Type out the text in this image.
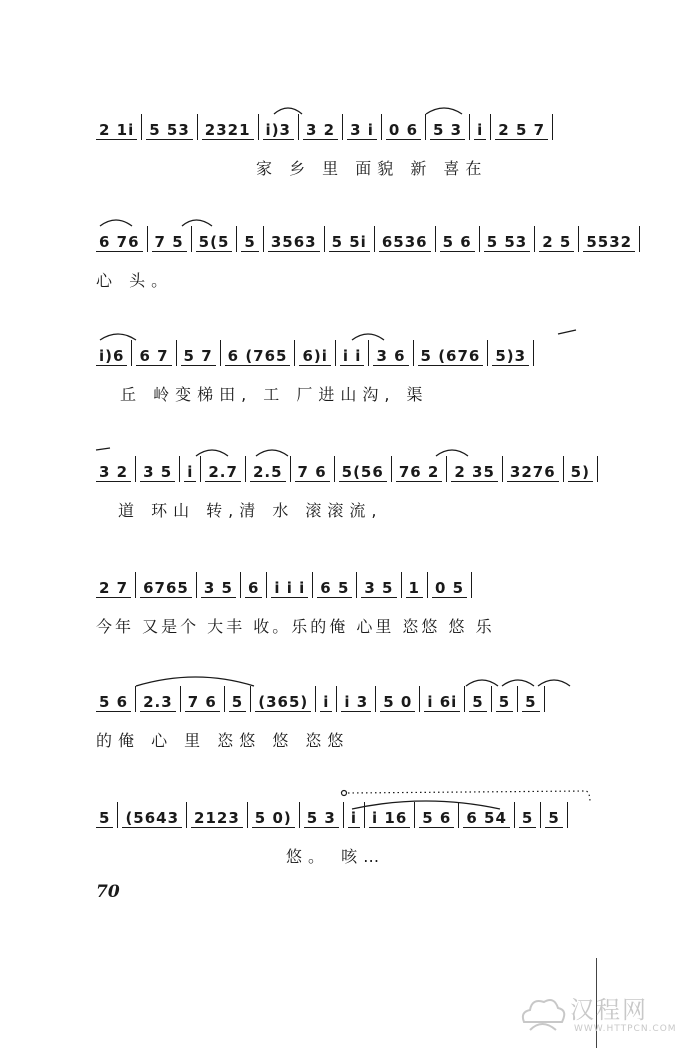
2 1i 5 53 2321 i)3 3 2 3 i 0 6 5 3 i 2 5 7
家 乡 里 面貌 新 喜在
6 76 7 5 5(5 5 3563 5 5i 6536 5 6 5 53 2 5 5532
心 头。
i)6 6 7 5 7 6 (765 6)i i i 3 6 5 (676 5)3
丘 岭变梯田, 工 厂进山沟, 渠
3 2 3 5 i 2.7 2.5 7 6 5(56 76 2 2 35 3276 5)
道 环山 转,清 水 滚滚流,
2 7 6765 3 5 6 i i i 6 5 3 5 1 0 5
今年 又是个 大丰 收。乐的俺 心里 恣悠 悠 乐
5 6 2.3 7 6 5 (365) i i 3 5 0 i 6i 5 5 5
的俺 心 里 恣悠 悠 恣悠
5 (5643 2123 5 0) 5 3 i i 16 5 6 6 54 5 5
悠。 咳…
70
汉程网
WWW.HTTPCN.COM
